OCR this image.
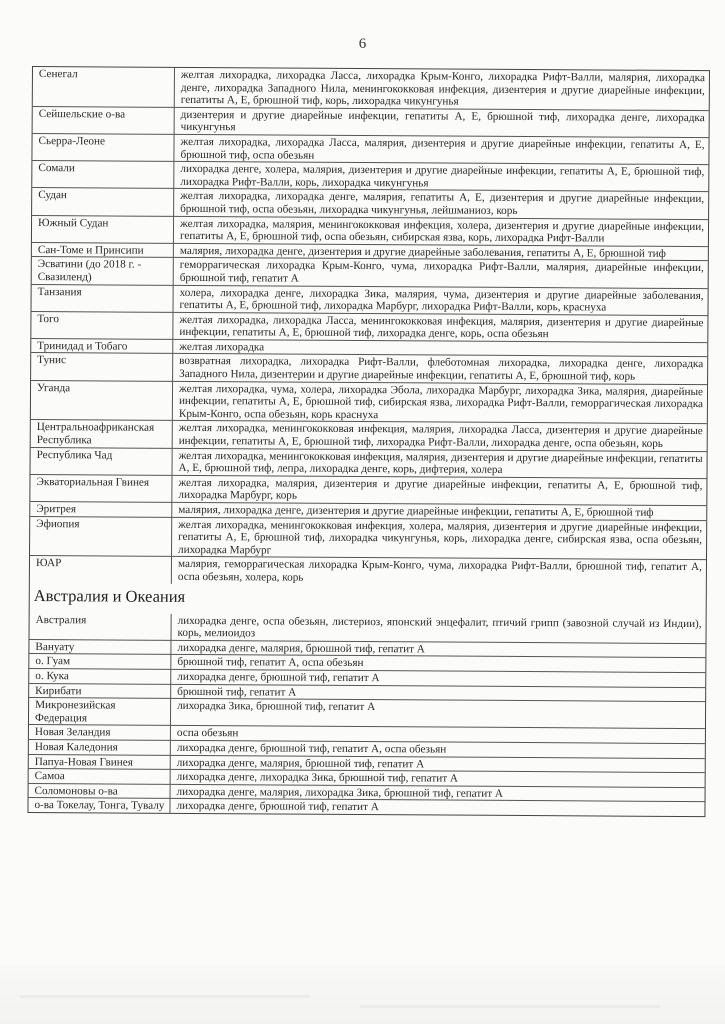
6
Сенегал	желтая лихорадка, лихорадка Ласса, лихорадка Крым-Конго, лихорадка Рифт-Валли, малярия, лихорадка денге, лихорадка Западного Нила, менингококковая инфекция, дизентерия и другие диарейные инфекции, гепатиты А, Е, брюшной тиф, корь, лихорадка чикунгунья
Сейшельские о-ва	дизентерия и другие диарейные инфекции, гепатиты А, Е, брюшной тиф, лихорадка денге, лихорадка чикунгунья
Сьерра-Леоне	желтая лихорадка, лихорадка Ласса, малярия, дизентерия и другие диарейные инфекции, гепатиты А, Е, брюшной тиф, оспа обезьян
Сомали	лихорадка денге, холера, малярия, дизентерия и другие диарейные инфекции, гепатиты А, Е, брюшной тиф, лихорадка Рифт-Валли, корь, лихорадка чикунгунья
Судан	желтая лихорадка, лихорадка денге, малярия, гепатиты А, Е, дизентерия и другие диарейные инфекции, брюшной тиф, оспа обезьян, лихорадка чикунгунья, лейшманиоз, корь
Южный Судан	желтая лихорадка, малярия, менингококковая инфекция, холера, дизентерия и другие диарейные инфекции, гепатиты А, Е, брюшной тиф, оспа обезьян, сибирская язва, корь, лихорадка Рифт-Валли
Сан-Томе и Принсипи	малярия, лихорадка денге, дизентерия и другие диарейные заболевания, гепатиты А, Е, брюшной тиф
Эсватини (до 2018 г. - Свазиленд)	геморрагическая лихорадка Крым-Конго, чума, лихорадка Рифт-Валли, малярия, диарейные инфекции, брюшной тиф, гепатит А
Танзания	холера, лихорадка денге, лихорадка Зика, малярия, чума, дизентерия и другие диарейные заболевания, гепатиты А, Е, брюшной тиф, лихорадка Марбург, лихорадка Рифт-Валли, корь, краснуха
Того	желтая лихорадка, лихорадка Ласса, менингококковая инфекция, малярия, дизентерия и другие диарейные инфекции, гепатиты А, Е, брюшной тиф, лихорадка денге, корь, оспа обезьян
Тринидад и Тобаго	желтая лихорадка
Тунис	возвратная лихорадка, лихорадка Рифт-Валли, флеботомная лихорадка, лихорадка денге, лихорадка Западного Нила, дизентерии и другие диарейные инфекции, гепатиты А, Е, брюшной тиф, корь
Уганда	желтая лихорадка, чума, холера, лихорадка Эбола, лихорадка Марбург, лихорадка Зика, малярия, диарейные инфекции, гепатиты А, Е, брюшной тиф, сибирская язва, лихорадка Рифт-Валли, геморрагическая лихорадка Крым-Конго, оспа обезьян, корь краснуха
Центральноафриканская Республика	желтая лихорадка, менингококковая инфекция, малярия, лихорадка Ласса, дизентерия и другие диарейные инфекции, гепатиты А, Е, брюшной тиф, лихорадка Рифт-Валли, лихорадка денге, оспа обезьян, корь
Республика Чад	желтая лихорадка, менингококковая инфекция, малярия, дизентерия и другие диарейные инфекции, гепатиты А, Е, брюшной тиф, лепра, лихорадка денге, корь, дифтерия, холера
Экваториальная Гвинея	желтая лихорадка, малярия, дизентерия и другие диарейные инфекции, гепатиты А, Е, брюшной тиф, лихорадка Марбург, корь
Эритрея	малярия, лихорадка денге, дизентерия и другие диарейные инфекции, гепатиты А, Е, брюшной тиф
Эфиопия	желтая лихорадка, менингококковая инфекция, холера, малярия, дизентерия и другие диарейные инфекции, гепатиты А, Е, брюшной тиф, лихорадка чикунгунья, корь, лихорадка денге, сибирская язва, оспа обезьян, лихорадка Марбург
ЮАР	малярия, геморрагическая лихорадка Крым-Конго, чума, лихорадка Рифт-Валли, брюшной тиф, гепатит А, оспа обезьян, холера, корь
Австралия и Океания	
Австралия	лихорадка денге, оспа обезьян, листериоз, японский энцефалит, птичий грипп (завозной случай из Индии), корь, мелиоидоз
Вануату	лихорадка денге, малярия, брюшной тиф, гепатит А
о. Гуам	брюшной тиф, гепатит А, оспа обезьян
о. Кука	лихорадка денге, брюшной тиф, гепатит А
Кирибати	брюшной тиф, гепатит А
Микронезийская Федерация	лихорадка Зика, брюшной тиф, гепатит А
Новая Зеландия	оспа обезьян
Новая Каледония	лихорадка денге, брюшной тиф, гепатит А, оспа обезьян
Папуа-Новая Гвинея	лихорадка денге, малярия, брюшной тиф, гепатит А
Самоа	лихорадка денге, лихорадка Зика, брюшной тиф, гепатит А
Соломоновы о-ва	лихорадка денге, малярия, лихорадка Зика, брюшной тиф, гепатит А
о-ва Токелау, Тонга, Тувалу	лихорадка денге, брюшной тиф, гепатит А
